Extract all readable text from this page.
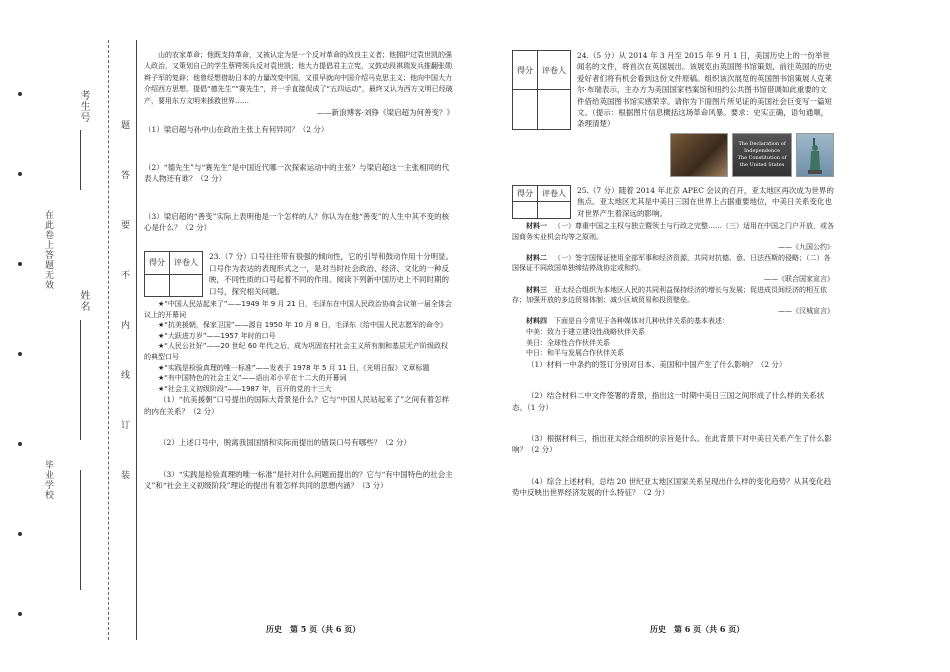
在此卷上答题无效
毕业学校
考生号
姓名
题
答
要
不
内
线
订
装

山的农家革命；他既支持革命，又被认定为是一个反对革命的改良主义者；他拥护过袁世凯的强人政治，又策划自己的学生蔡锷领兵反对袁世凯；他大力提倡君主立宪，又鼓动段祺瑞发兵推翻张勋辫子军的复辟；他曾经想借助日本的力量改变中国，又很早就向中国介绍马克思主义；他向中国大力介绍西方思想，提倡“德先生”“赛先生”，并一手直接促成了“五四运动”，最终又认为西方文明已经破产，要用东方文明来拯救世界……

——新浪博客·刘铮《梁启超为何善变？》

（1）梁启超与孙中山在政治主张上有何异同？（2 分）

（2）“德先生”与“赛先生”是中国近代哪一次探索运动中的主张？与梁启超这一主张相同的代表人物还有谁？（2 分）

（3）梁启超的“善变”实际上表明他是一个怎样的人？你认为在他“善变”的人生中其不变的核心是什么？（2 分）

得分	评卷人

23.（7 分）口号往往带有很强的倾向性，它的引导和鼓动作用十分明显。口号作为表达的表现形式之一，是对当时社会政治、经济、文化的一种反映，不同性质的口号起着不同的作用。阅读下列新中国历史上不同时期的口号，探究相关问题。

★“中国人民站起来了”——1949 年 9 月 21 日，毛泽东在中国人民政治协商会议第一届全体会议上的开幕词

★“抗美援朝，保家卫国”——源自 1950 年 10 月 8 日，毛泽东《给中国人民志愿军的命令》

★“大跃进万岁”——1957 年时的口号

★“人民公社好”——20 世纪 60 年代之后，成为巩固农村社会主义所有制和基层无产阶级政权的典型口号

★“实践是检验真理的唯一标准”——发表于 1978 年 5 月 11 日，《光明日报》文章标题

★“有中国特色的社会主义”——语出邓小平在十二大的开幕词

★“社会主义初级阶段”——1987 年，百开的党的十三大

（1）“抗美援朝”口号提出的国际大背景是什么？它与“中国人民站起来了”之间有着怎样的内在关系？（2 分）

（2）上述口号中，脱离我国国情和实际而提出的错误口号有哪些？（2 分）

（3）“实践是检验真理的唯一标准”是针对什么问题而提出的？它与“有中国特色的社会主义”和“社会主义初级阶段”理论的提出有着怎样共同的思想内涵？（3 分）

历史　第 5 页（共 6 页）
得分	评卷人

24.（5 分）从 2014 年 3 月至 2015 年 9 月 1 日，美国历史上的一份举世闻名的文件，将首次在英国展出。该展览由英国图书馆策划，前往英国的历史爱好者们将有机会看到这份文件原稿。组织该次展览的英国图书馆策展人克莱尔·布瑞表示，主办方为美国国家档案馆和纽约公共图书馆借调如此重要的文件借给英国图书馆实感荣幸。请你为下面图片所见证的美国社会巨变写一篇短文。（提示：根据图片信息概括这场革命风暴。要求：史实正确，语句通顺，条理清楚）

The Declaration of Independence
The Constitution of the United States
得分	评卷人
	25.（7 分）随着 2014 年北京 APEC 会议的召开，亚太地区再次成为世界的焦点。亚太地区尤其是中美日三国在世界上占据重要地位，中美日关系变化也对世界产生着深远的影响。

材料一  （一）尊重中国之主权与独立暨领土与行政之完整……（三）适用在中国之门户开放，或各国商务实业机会均等之原则。

——《九国公约》

材料二  （一）签字国保证使用全部军事和经济资源，共同对抗德、意、日法西斯的侵略；（二）各国保证不同敌国单独缔结停战协定或和约。

——《联合国家宣言》

材料三  亚太经合组织为本地区人民的共同利益保持经济的增长与发展；促进成员间经济的相互依存；加强开放的多边贸易体制；减少区域贸易和投资壁垒。

——《汉城宣言》

材料四  下面是自今常见于各种媒体对几种伙伴关系的基本表述：

中美：致力于建立建设性战略伙伴关系

美日：全球性合作伙伴关系

中日：和平与发展合作伙伴关系

（1）材料一中条约的签订分别对日本、美国和中国产生了什么影响？（2 分）

（2）结合材料二中文件签署的背景，指出这一时期中美日三国之间形成了什么样的关系状态。（1 分）

（3）根据材料三，指出亚太经合组织的宗旨是什么。在此背景下对中美日关系产生了什么影响？（2 分）

（4）综合上述材料，总结 20 世纪亚太地区国家关系呈现出什么样的变化趋势？从其变化趋势中反映出世界经济发展的什么特征？（2 分）

历史　第 6 页（共 6 页）
